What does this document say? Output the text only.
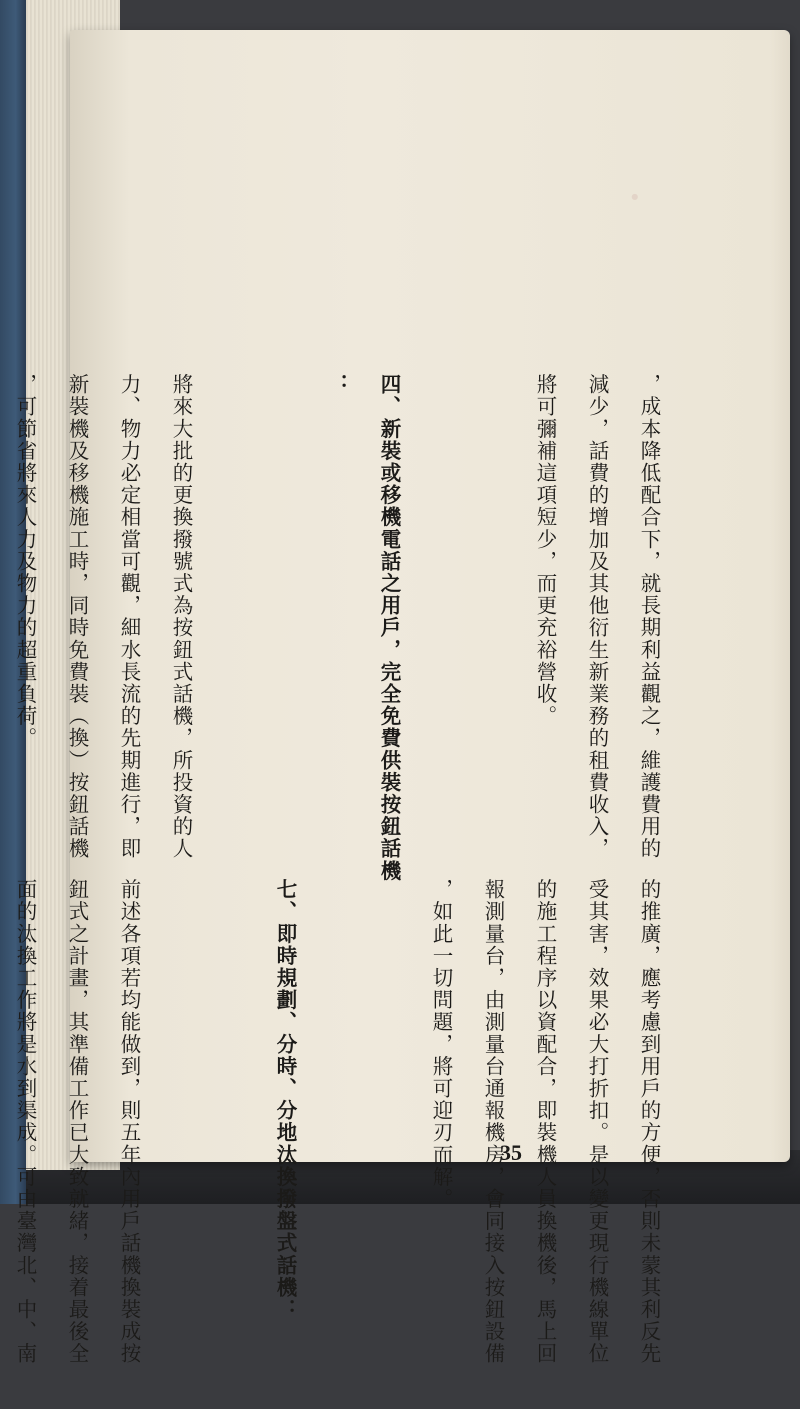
．

，成本降低配合下，就長期利益觀之，維護費用的

減少，話費的增加及其他衍生新業務的租費收入，

將可彌補這項短少，而更充裕營收。

四、新裝或移機電話之用戶，完全免費供裝按鈕話機

：

將來大批的更換撥號式為按鈕式話機，所投資的人

力、物力必定相當可觀，細水長流的先期進行，即

新裝機及移機施工時，同時免費裝（換）按鈕話機

，可節省將來人力及物力的超重負荷。

的推廣，應考慮到用戶的方便，否則未蒙其利反先

受其害，效果必大打折扣。是以變更現行機線單位

的施工程序以資配合，即裝機人員換機後，馬上回

報測量台，由測量台通報機房，會同接入按鈕設備

，如此一切問題，將可迎刃而解。

七、即時規劃、分時、分地汰換撥盤式話機：

前述各項若均能做到，則五年內用戶話機換裝成按

鈕式之計畫，其準備工作已大致就緒，接着最後全

面的汰換工作將是水到渠成。可由臺灣北、中、南

	35
